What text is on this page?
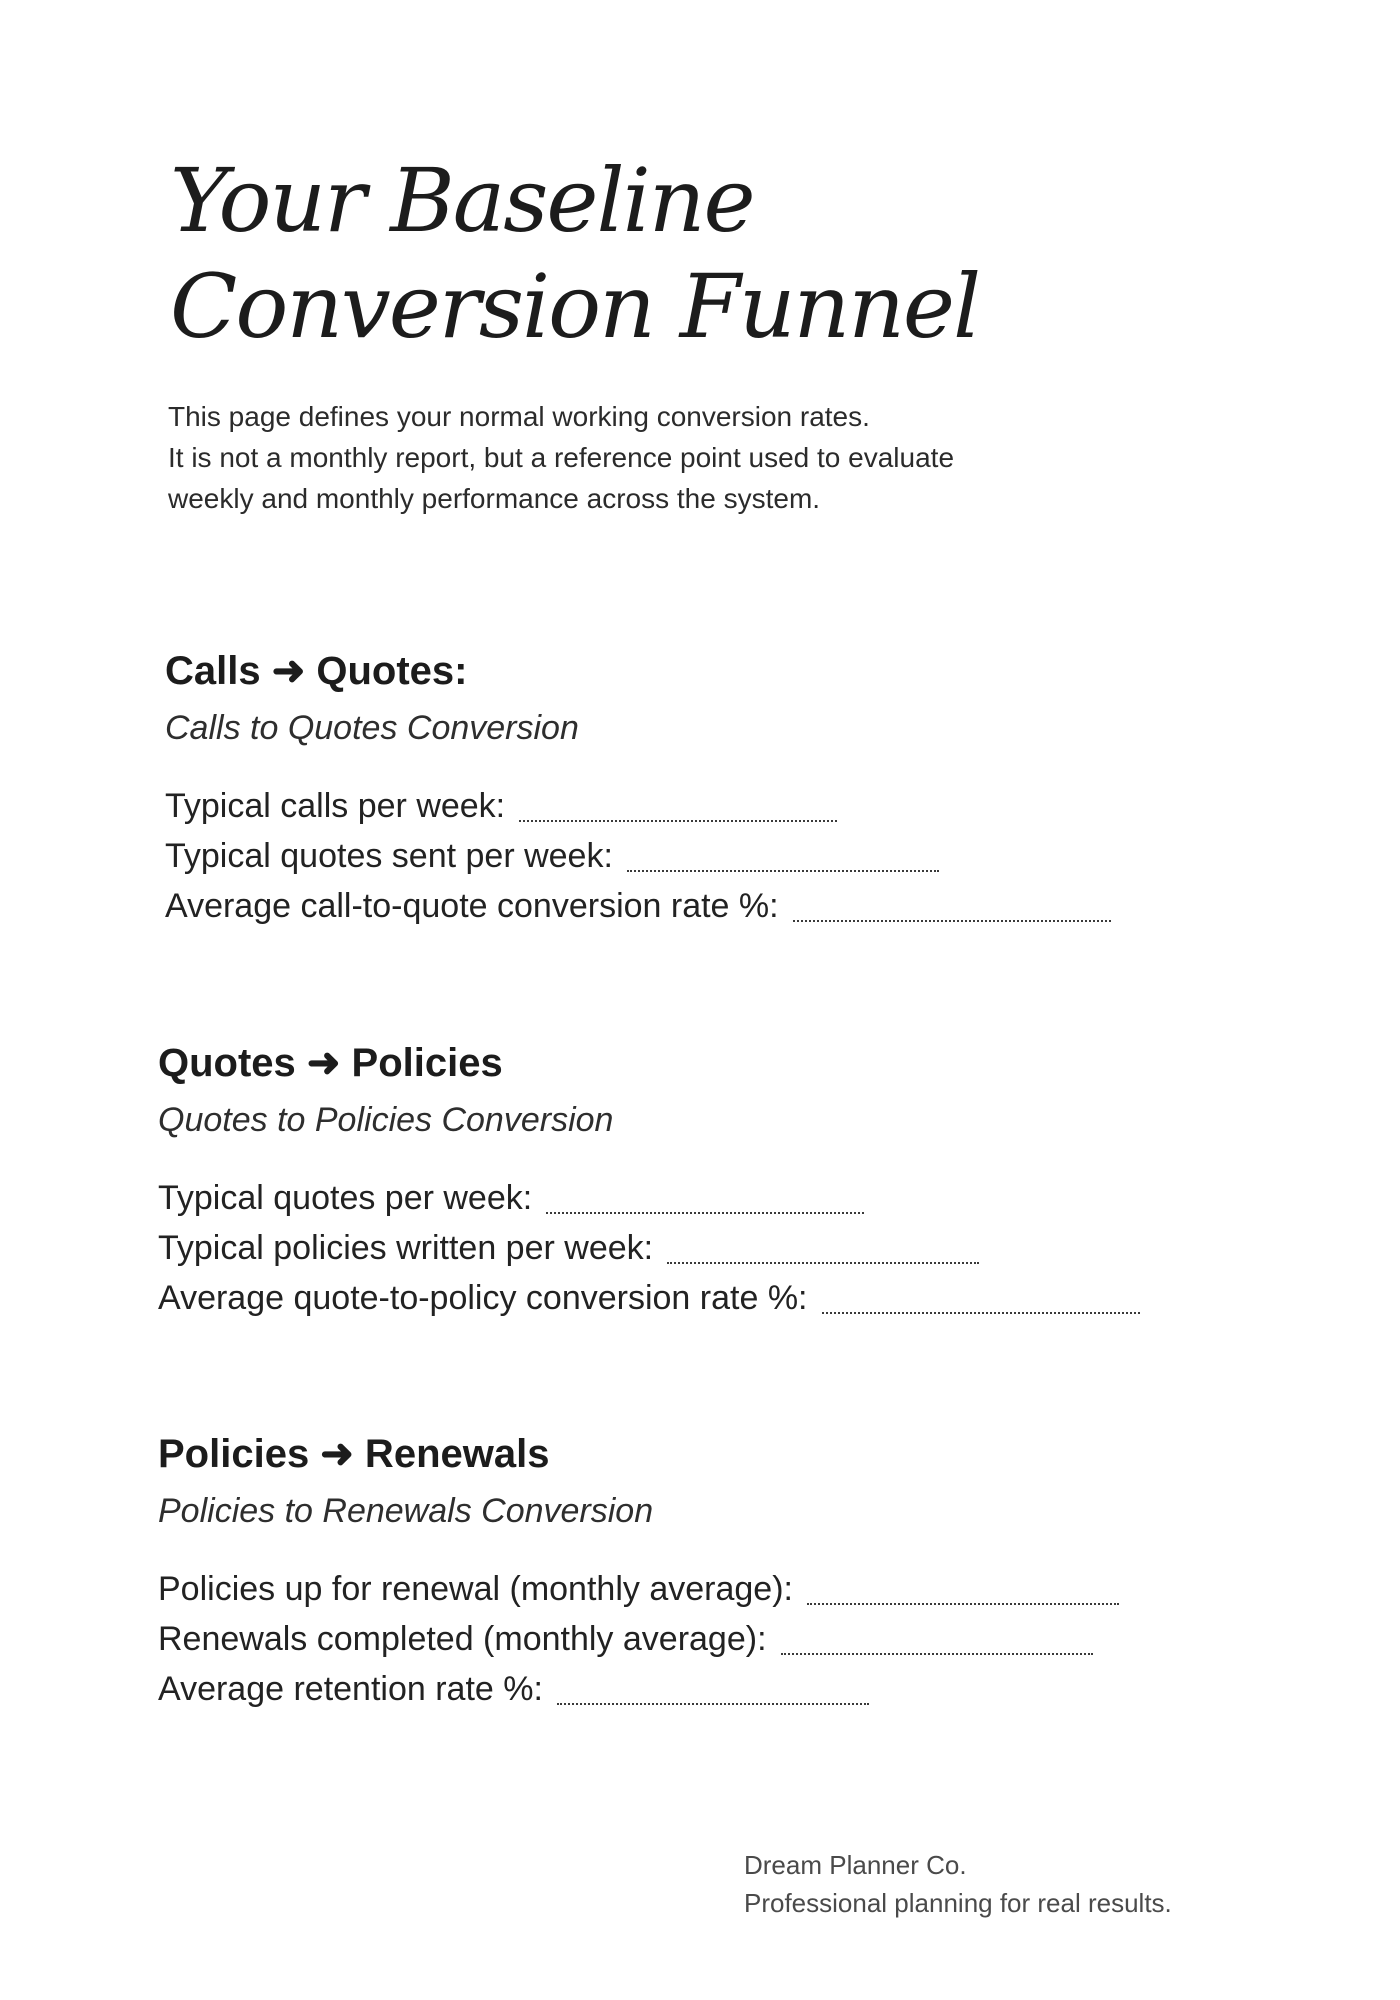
Your Baseline
Conversion Funnel
This page defines your normal working conversion rates.
It is not a monthly report, but a reference point used to evaluate
weekly and monthly performance across the system.
Calls ➜ Quotes:

Calls to Quotes Conversion

Typical calls per week:
Typical quotes sent per week:
Average call-to-quote conversion rate %:
Quotes ➜ Policies

Quotes to Policies Conversion

Typical quotes per week:
Typical policies written per week:
Average quote-to-policy conversion rate %:
Policies ➜ Renewals

Policies to Renewals Conversion

Policies up for renewal (monthly average):
Renewals completed (monthly average):
Average retention rate %:
Dream Planner Co.
Professional planning for real results.
